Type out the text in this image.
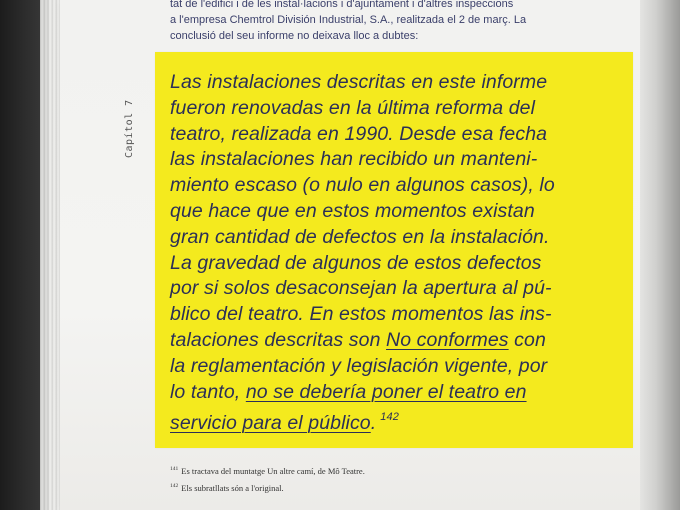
tat de l'edifici i de les instal·lacions i d'ajuntament i d'altres inspeccions
a l'empresa Chemtrol División Industrial, S.A., realitzada el 2 de març. La
conclusió del seu informe no deixava lloc a dubtes:

Capítol 7

Las instalaciones descritas en este informe
fueron renovadas en la última reforma del
teatro, realizada en 1990. Desde esa fecha
las instalaciones han recibido un manteni-
miento escaso (o nulo en algunos casos), lo
que hace que en estos momentos existan
gran cantidad de defectos en la instalación.
La gravedad de algunos de estos defectos
por si solos desaconsejan la apertura al pú-
blico del teatro. En estos momentos las ins-
talaciones descritas son No conformes con
la reglamentación y legislación vigente, por
lo tanto, no se debería poner el teatro en
servicio para el público. $^{142}$

$^{141}$ Es tractava del muntatge Un altre camí, de Mô Teatre.
$^{142}$ Els subratllats són a l'original.
